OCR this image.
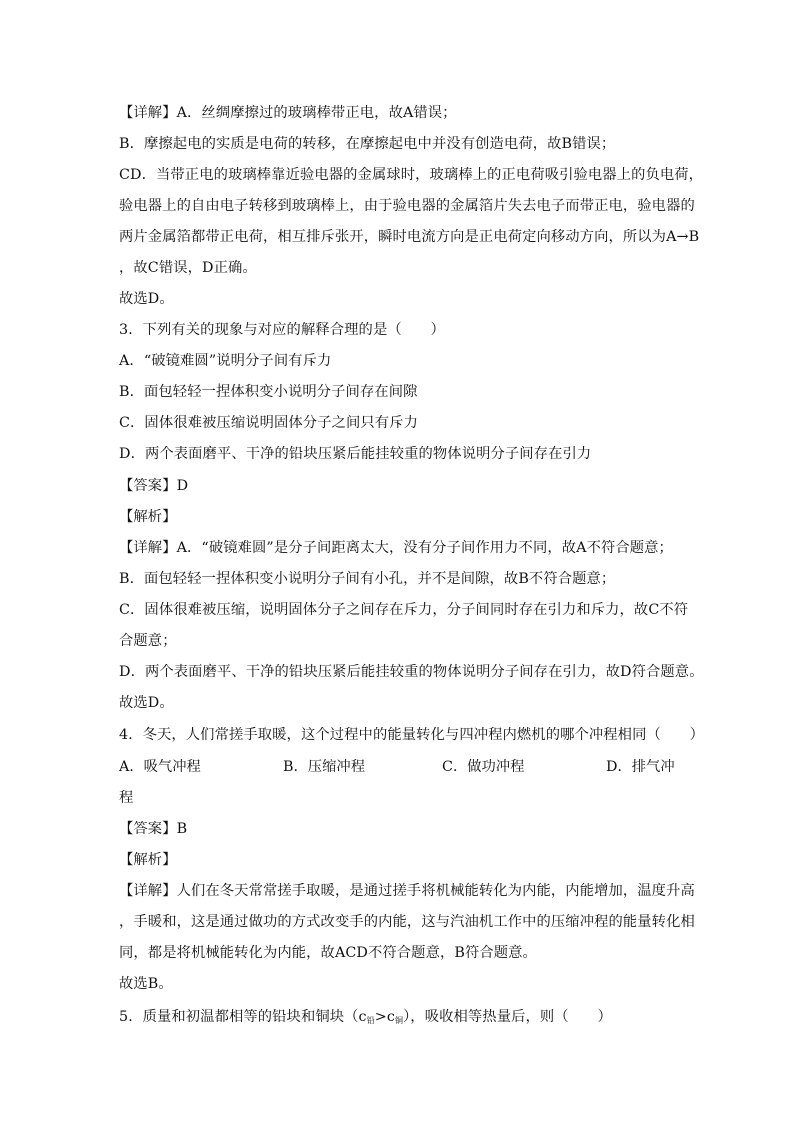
【详解】A．丝绸摩擦过的玻璃棒带正电，故A错误；
B．摩擦起电的实质是电荷的转移，在摩擦起电中并没有创造电荷，故B错误；
CD．当带正电的玻璃棒靠近验电器的金属球时，玻璃棒上的正电荷吸引验电器上的负电荷，
验电器上的自由电子转移到玻璃棒上，由于验电器的金属箔片失去电子而带正电，验电器的
两片金属箔都带正电荷，相互排斥张开，瞬时电流方向是正电荷定向移动方向，所以为A→B
，故C错误，D正确。
故选D。
3．下列有关的现象与对应的解释合理的是（　　）
A．“破镜难圆”说明分子间有斥力
B．面包轻轻一捏体积变小说明分子间存在间隙
C．固体很难被压缩说明固体分子之间只有斥力
D．两个表面磨平、干净的铅块压紧后能挂较重的物体说明分子间存在引力
【答案】D
【解析】
【详解】A．“破镜难圆”是分子间距离太大，没有分子间作用力不同，故A不符合题意；
B．面包轻轻一捏体积变小说明分子间有小孔，并不是间隙，故B不符合题意；
C．固体很难被压缩，说明固体分子之间存在斥力，分子间同时存在引力和斥力，故C不符
合题意；
D．两个表面磨平、干净的铅块压紧后能挂较重的物体说明分子间存在引力，故D符合题意。
故选D。
4．冬天，人们常搓手取暖，这个过程中的能量转化与四冲程内燃机的哪个冲程相同（　　）
A．吸气冲程	B．压缩冲程	C．做功冲程	D．排气冲
程
【答案】B
【解析】
【详解】人们在冬天常常搓手取暖，是通过搓手将机械能转化为内能，内能增加，温度升高
，手暖和，这是通过做功的方式改变手的内能，这与汽油机工作中的压缩冲程的能量转化相
同，都是将机械能转化为内能，故ACD不符合题意，B符合题意。
故选B。
5．质量和初温都相等的铅块和铜块$(c_铅>c_铜)$，吸收相等热量后，则（　　）
